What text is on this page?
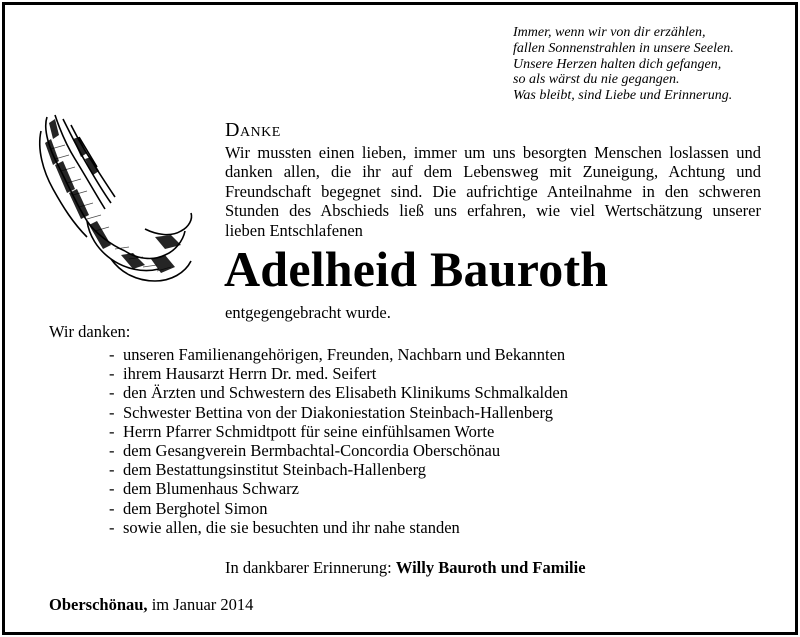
Immer, wenn wir von dir erzählen,
fallen Sonnenstrahlen in unsere Seelen.
Unsere Herzen halten dich gefangen,
so als wärst du nie gegangen.
Was bleibt, sind Liebe und Erinnerung.
Danke
Wir mussten einen lieben, immer um uns besorgten Menschen loslassen und
danken allen, die ihr auf dem Lebensweg mit Zuneigung, Achtung und
Freundschaft begegnet sind. Die aufrichtige Anteilnahme in den schweren
Stunden des Abschieds ließ uns erfahren, wie viel Wertschätzung unserer
lieben Entschlafenen
Adelheid Bauroth
entgegengebracht wurde.
Wir danken:
- unseren Familienangehörigen, Freunden, Nachbarn und Bekannten
- ihrem Hausarzt Herrn Dr. med. Seifert
- den Ärzten und Schwestern des Elisabeth Klinikums Schmalkalden
- Schwester Bettina von der Diakoniestation Steinbach-Hallenberg
- Herrn Pfarrer Schmidtpott für seine einfühlsamen Worte
- dem Gesangverein Bermbachtal-Concordia Oberschönau
- dem Bestattungsinstitut Steinbach-Hallenberg
- dem Blumenhaus Schwarz
- dem Berghotel Simon
- sowie allen, die sie besuchten und ihr nahe standen
In dankbarer Erinnerung: Willy Bauroth und Familie
Oberschönau, im Januar 2014
